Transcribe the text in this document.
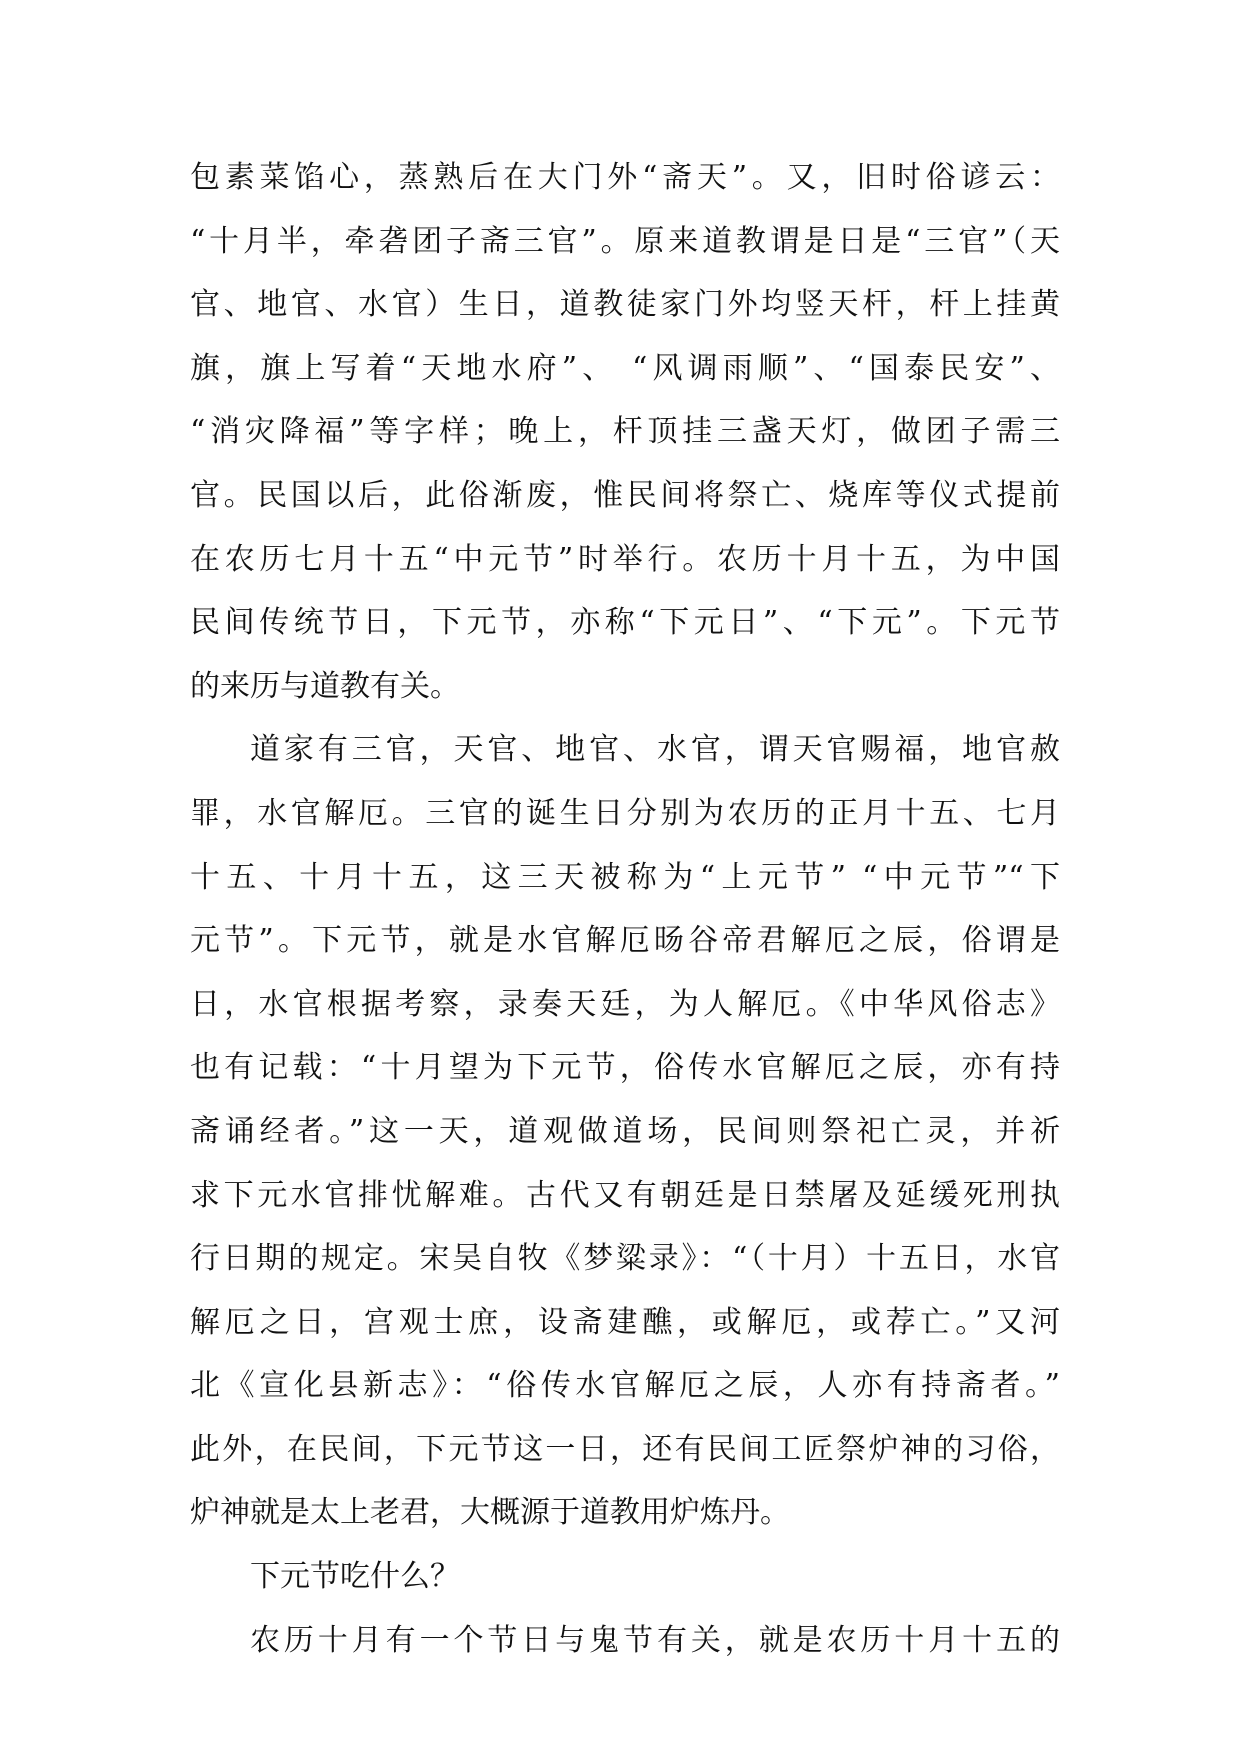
包素菜馅心，蒸熟后在大门外“斋天”。又，旧时俗谚云：
“十月半，牵砻团子斋三官”。原来道教谓是日是“三官”（天
官、地官、水官）生日，道教徒家门外均竖天杆，杆上挂黄
旗，旗上写着“天地水府”、 “风调雨顺”、“国泰民安”、
“消灾降福”等字样；晚上，杆顶挂三盏天灯，做团子需三
官。民国以后，此俗渐废，惟民间将祭亡、烧库等仪式提前
在农历七月十五“中元节”时举行。农历十月十五，为中国
民间传统节日，下元节，亦称“下元日”、“下元”。下元节
的来历与道教有关。
道家有三官，天官、地官、水官，谓天官赐福，地官赦
罪，水官解厄。三官的诞生日分别为农历的正月十五、七月
十五、十月十五，这三天被称为“上元节” “中元节”“下
元节”。下元节，就是水官解厄旸谷帝君解厄之辰，俗谓是
日，水官根据考察，录奏天廷，为人解厄。《中华风俗志》
也有记载：“十月望为下元节，俗传水官解厄之辰，亦有持
斋诵经者。”这一天，道观做道场，民间则祭祀亡灵，并祈
求下元水官排忧解难。古代又有朝廷是日禁屠及延缓死刑执
行日期的规定。宋吴自牧《梦粱录》：“（十月）十五日，水官
解厄之日，宫观士庶，设斋建醮，或解厄，或荐亡。”又河
北《宣化县新志》：“俗传水官解厄之辰，人亦有持斋者。”
此外，在民间，下元节这一日，还有民间工匠祭炉神的习俗，
炉神就是太上老君，大概源于道教用炉炼丹。
下元节吃什么？
农历十月有一个节日与鬼节有关，就是农历十月十五的
